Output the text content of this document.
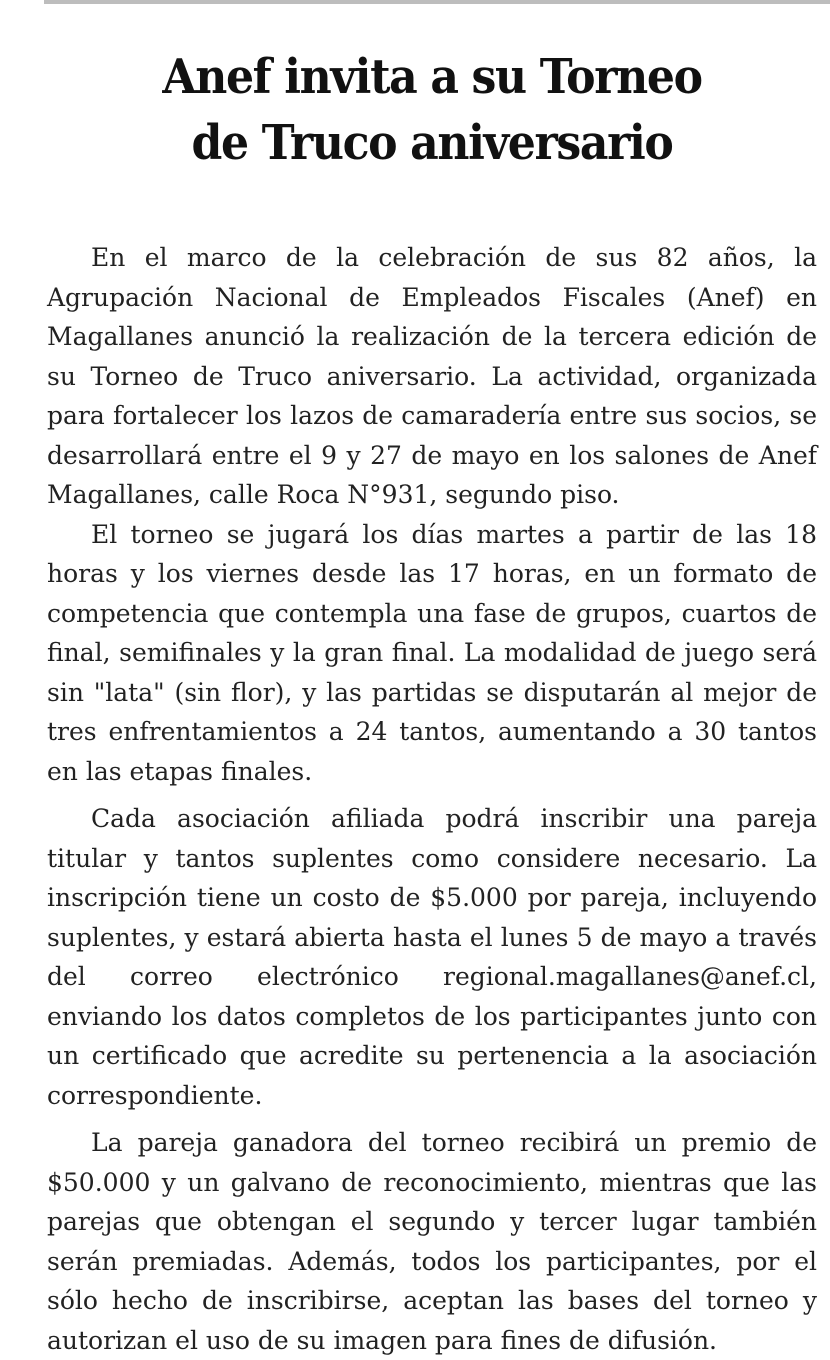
Anef invita a su Torneo
de Truco aniversario

En el marco de la celebración de sus 82 años, la Agrupación Nacional de Empleados Fiscales (Anef) en Magallanes anunció la realización de la tercera edición de su Torneo de Truco aniversario. La actividad, organizada para fortalecer los lazos de camaradería entre sus socios, se desarrollará entre el 9 y 27 de mayo en los salones de Anef Magallanes, calle Roca N°931, segundo piso.

El torneo se jugará los días martes a partir de las 18 horas y los viernes desde las 17 horas, en un formato de competencia que contempla una fase de grupos, cuartos de final, semifinales y la gran final. La modalidad de juego será sin "lata" (sin flor), y las partidas se disputarán al mejor de tres enfrentamientos a 24 tantos, aumentando a 30 tantos en las etapas finales.

Cada asociación afiliada podrá inscribir una pareja titular y tantos suplentes como considere necesario. La inscripción tiene un costo de $5.000 por pareja, incluyendo suplentes, y estará abierta hasta el lunes 5 de mayo a través del correo electrónico regional.magallanes@anef.cl, enviando los datos completos de los participantes junto con un certificado que acredite su pertenencia a la asociación correspondiente.

La pareja ganadora del torneo recibirá un premio de $50.000 y un galvano de reconocimiento, mientras que las parejas que obtengan el segundo y tercer lugar también serán premiadas. Además, todos los participantes, por el sólo hecho de inscribirse, aceptan las bases del torneo y autorizan el uso de su imagen para fines de difusión.
